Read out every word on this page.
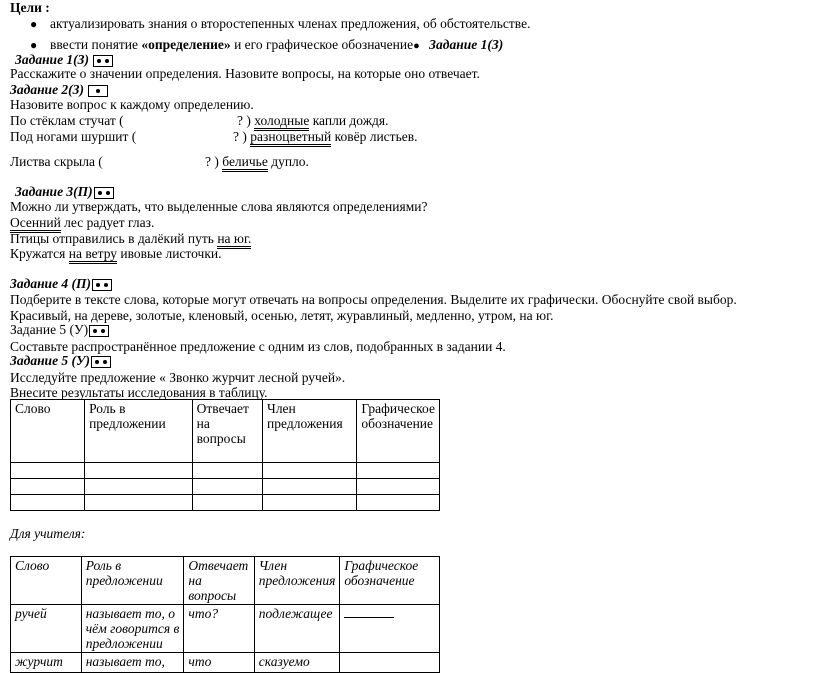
Цели :
● актуализировать знания о второстепенных членах предложения, об обстоятельстве.
● ввести понятие «определение» и его графическое обозначение● Задание 1(З)
Задание 1(З)
Расскажите о значении определения. Назовите вопросы, на которые оно отвечает.
Задание 2(З)
Назовите вопрос к каждому определению.
По стёклам стучат (	? ) холодные капли дождя.
Под ногами шуршит (	? ) разноцветный ковёр листьев.
Листва скрыла (	? ) беличье дупло.
Задание 3(П)
Можно ли утверждать, что выделенные слова являются определениями?
Осенний лес радует глаз.
Птицы отправились в далёкий путь на юг.
Кружатся на ветру ивовые листочки.
Задание 4 (П)
Подберите в тексте слова, которые могут отвечать на вопросы определения. Выделите их графически. Обоснуйте свой выбор.
Красивый, на дереве, золотые, кленовый, осенью, летят, журавлиный, медленно, утром, на юг.
Задание 5 (У)
Составьте распространённое предложение с одним из слов, подобранных в задании 4.
Задание 5 (У)
Исследуйте предложение « Звонко журчит лесной ручей».
Внесите результаты исследования в таблицу.
Слово	Роль в предложении	Отвечает на вопросы	Член предложения	Графическое обозначение

Для учителя:
Слово	Роль в предложении	Отвечает на вопросы	Член предложения	Графическое обозначение
ручей	называет то, о чём говорится в предложении	что?	подлежащее	
журчит	называет то,	что	сказуемо	
